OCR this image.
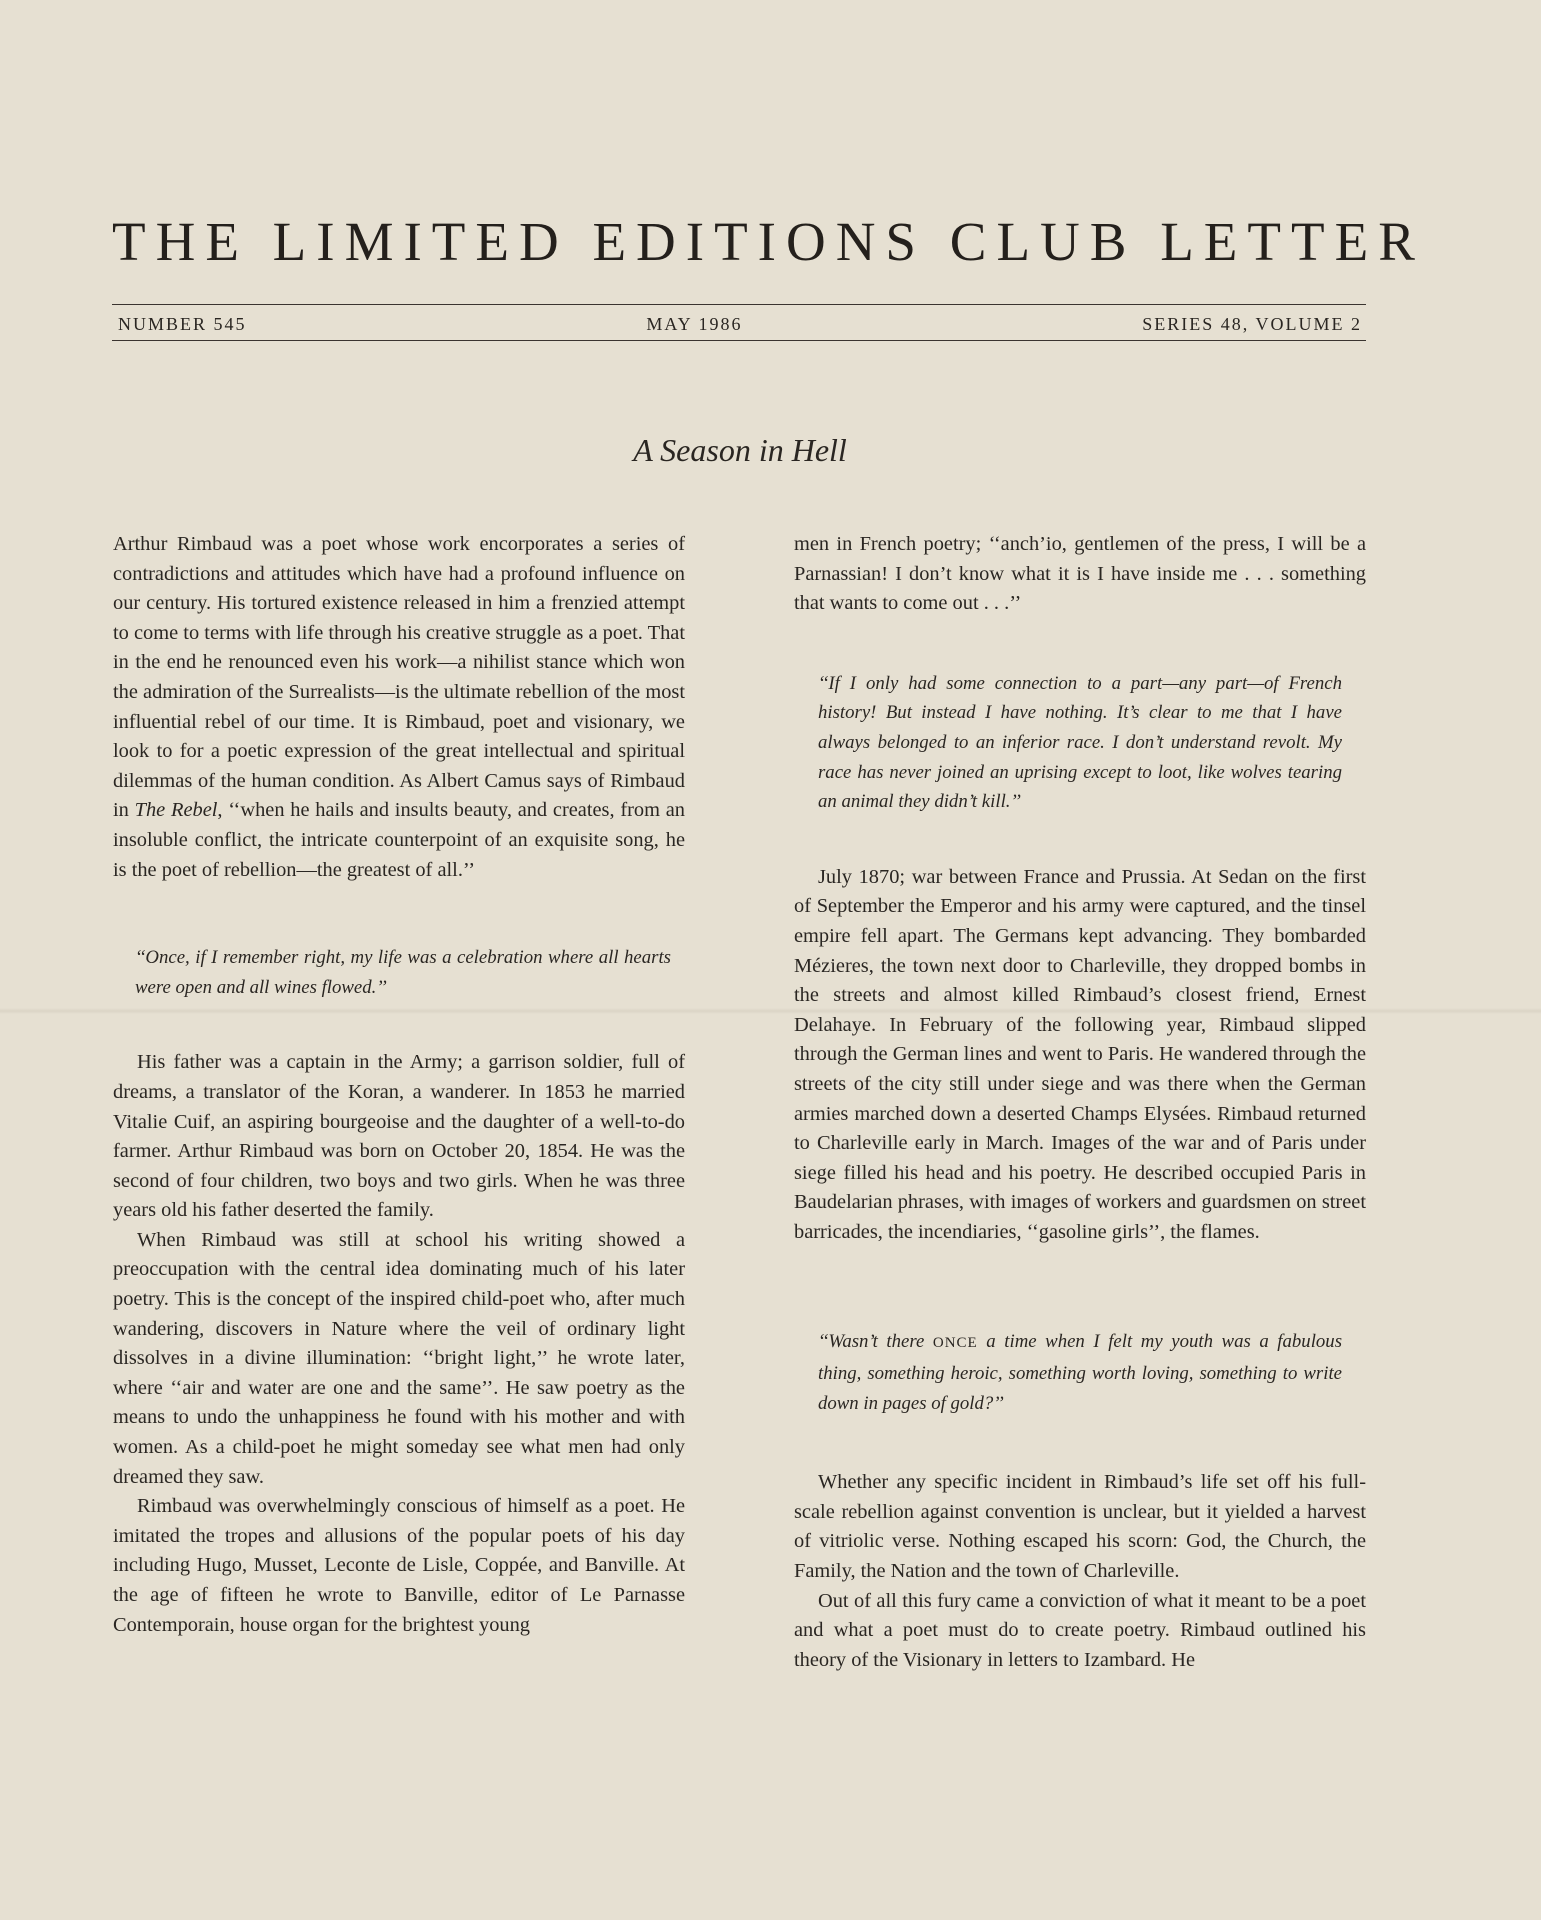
THE LIMITED EDITIONS CLUB LETTER
NUMBER 545	MAY 1986	SERIES 48, VOLUME 2
A Season in Hell

Arthur Rimbaud was a poet whose work encorporates a series of contradictions and attitudes which have had a profound influence on our century. His tortured existence released in him a frenzied attempt to come to terms with life through his creative struggle as a poet. That in the end he renounced even his work—a nihilist stance which won the admiration of the Surrealists—is the ultimate rebellion of the most influential rebel of our time. It is Rimbaud, poet and visionary, we look to for a poetic expression of the great intellectual and spiritual dilemmas of the human condition. As Albert Camus says of Rimbaud in The Rebel, ‘‘when he hails and insults beauty, and creates, from an insoluble conflict, the intricate counterpoint of an exquisite song, he is the poet of rebellion—the greatest of all.’’

‘‘Once, if I remember right, my life was a celebration where all hearts were open and all wines flowed.’’

His father was a captain in the Army; a garrison soldier, full of dreams, a translator of the Koran, a wanderer. In 1853 he married Vitalie Cuif, an aspiring bourgeoise and the daughter of a well-to-do farmer. Arthur Rimbaud was born on October 20, 1854. He was the second of four children, two boys and two girls. When he was three years old his father deserted the family.

When Rimbaud was still at school his writing showed a preoccupation with the central idea dominating much of his later poetry. This is the concept of the inspired child-poet who, after much wandering, discovers in Nature where the veil of ordinary light dissolves in a divine illumination: ‘‘bright light,’’ he wrote later, where ‘‘air and water are one and the same’’. He saw poetry as the means to undo the unhappiness he found with his mother and with women. As a child-poet he might someday see what men had only dreamed they saw.

Rimbaud was overwhelmingly conscious of himself as a poet. He imitated the tropes and allusions of the popular poets of his day including Hugo, Musset, Leconte de Lisle, Coppée, and Banville. At the age of fifteen he wrote to Banville, editor of Le Parnasse Contemporain, house organ for the brightest young

men in French poetry; ‘‘anch’io, gentlemen of the press, I will be a Parnassian! I don’t know what it is I have inside me . . . something that wants to come out . . .’’

‘‘If I only had some connection to a part—any part—of French history! But instead I have nothing. It’s clear to me that I have always belonged to an inferior race. I don’t understand revolt. My race has never joined an uprising except to loot, like wolves tearing an animal they didn’t kill.’’

July 1870; war between France and Prussia. At Sedan on the first of September the Emperor and his army were captured, and the tinsel empire fell apart. The Germans kept advancing. They bombarded Mézieres, the town next door to Charleville, they dropped bombs in the streets and almost killed Rimbaud’s closest friend, Ernest Delahaye. In February of the following year, Rimbaud slipped through the German lines and went to Paris. He wandered through the streets of the city still under siege and was there when the German armies marched down a deserted Champs Elysées. Rimbaud returned to Charleville early in March. Images of the war and of Paris under siege filled his head and his poetry. He described occupied Paris in Baudelarian phrases, with images of workers and guardsmen on street barricades, the incendiaries, ‘‘gasoline girls’’, the flames.

‘‘Wasn’t there ONCE a time when I felt my youth was a fabulous thing, something heroic, something worth loving, something to write down in pages of gold?’’

Whether any specific incident in Rimbaud’s life set off his full-scale rebellion against convention is unclear, but it yielded a harvest of vitriolic verse. Nothing escaped his scorn: God, the Church, the Family, the Nation and the town of Charleville.

Out of all this fury came a conviction of what it meant to be a poet and what a poet must do to create poetry. Rimbaud outlined his theory of the Visionary in letters to Izambard. He
